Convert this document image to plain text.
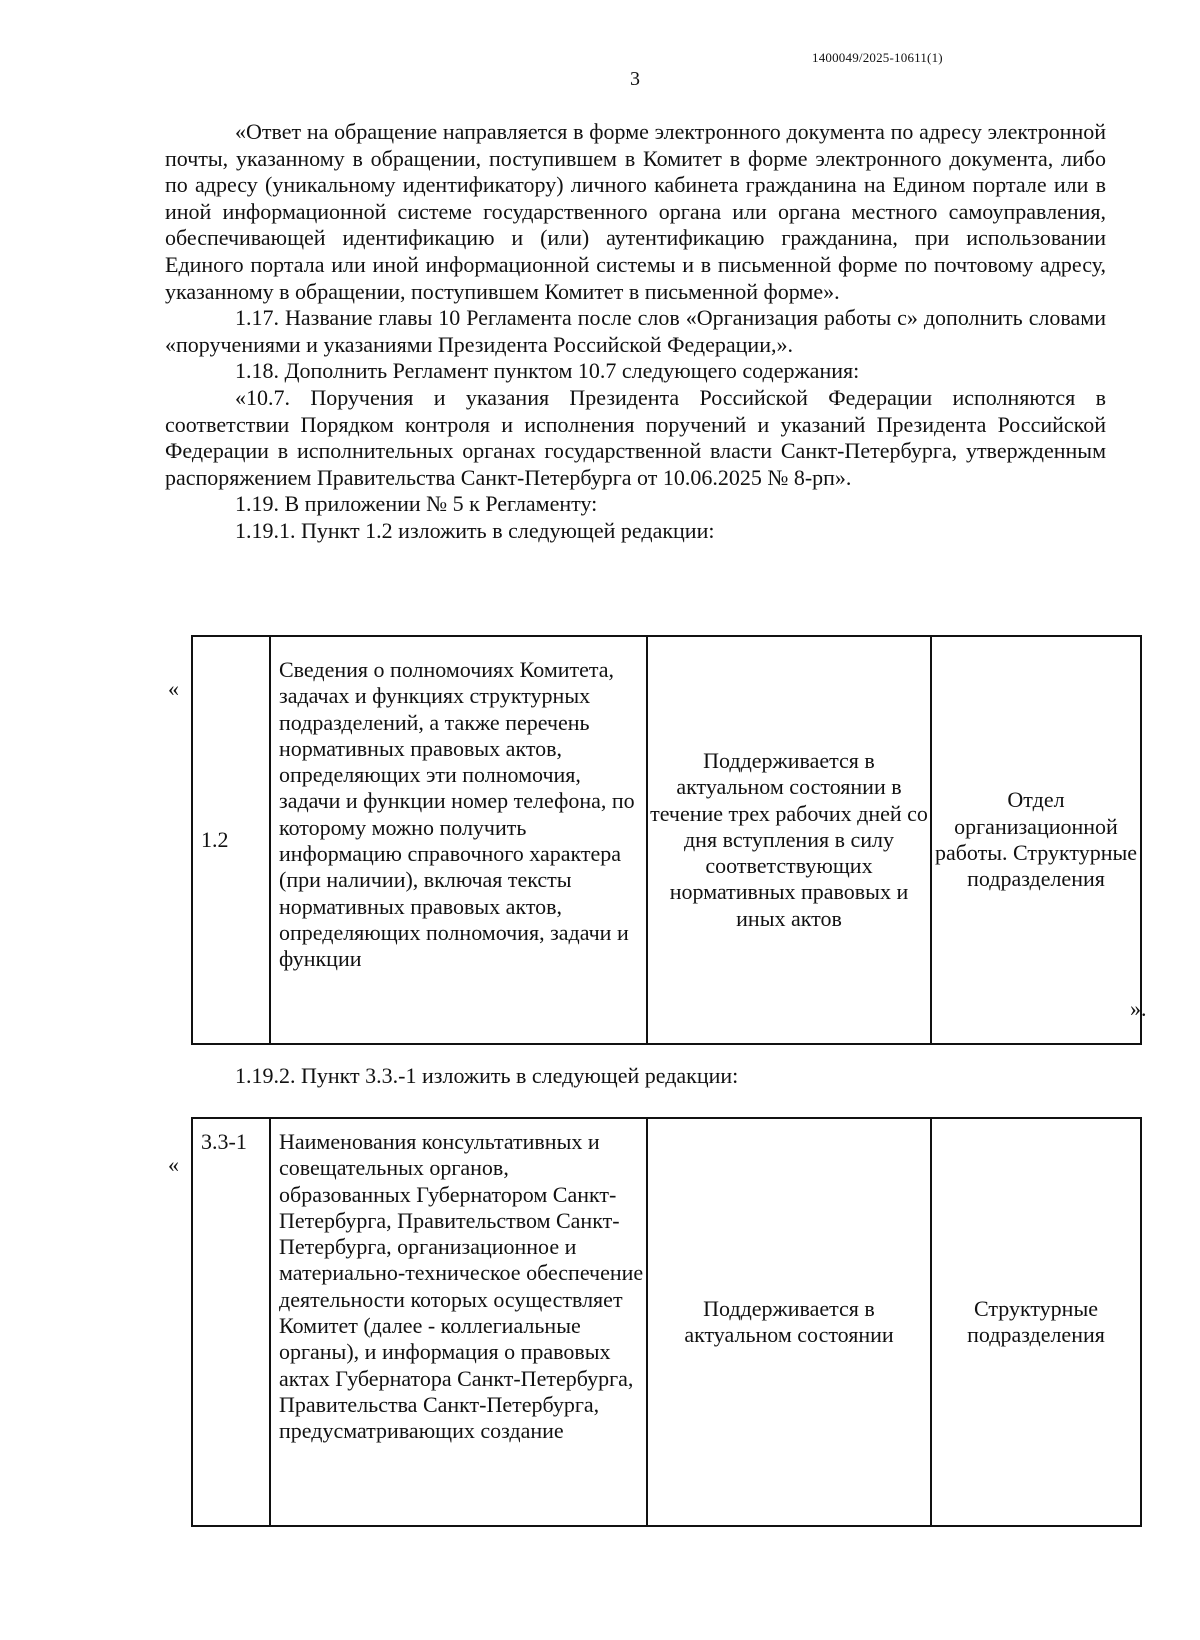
1400049/2025-10611(1)
3

«Ответ на обращение направляется в форме электронного документа по адресу электронной почты, указанному в обращении, поступившем в Комитет в форме электронного документа, либо по адресу (уникальному идентификатору) личного кабинета гражданина на Едином портале или в иной информационной системе государственного органа или органа местного самоуправления, обеспечивающей идентификацию и (или) аутентификацию гражданина, при использовании Единого портала или иной информационной системы и в письменной форме по почтовому адресу, указанному в обращении, поступившем Комитет в письменной форме».

1.17. Название главы 10 Регламента после слов «Организация работы с» дополнить словами «поручениями и указаниями Президента Российской Федерации,».

1.18. Дополнить Регламент пунктом 10.7 следующего содержания:

«10.7. Поручения и указания Президента Российской Федерации исполняются в соответствии Порядком контроля и исполнения поручений и указаний Президента Российской Федерации в исполнительных органах государственной власти Санкт-Петербурга, утвержденным распоряжением Правительства Санкт-Петербурга от 10.06.2025 № 8-рп».

1.19. В приложении № 5 к Регламенту:

1.19.1. Пункт 1.2 изложить в следующей редакции:

«
1.2	Сведения о полномочиях Комитета, задачах и функциях структурных подразделений, а также перечень нормативных правовых актов, определяющих эти полномочия, задачи и функции номер телефона, по которому можно получить информацию справочного характера (при наличии), включая тексты нормативных правовых актов, определяющих полномочия, задачи и функции	Поддерживается в актуальном состоянии в течение трех рабочих дней со дня вступления в силу соответствующих нормативных правовых и иных актов	Отдел организационной работы. Структурные подразделения
».
1.19.2. Пункт 3.3.-1 изложить в следующей редакции:
«
3.3-1	Наименования консультативных и совещательных органов, образованных Губернатором Санкт-Петербурга, Правительством Санкт-Петербурга, организационное и материально-техническое обеспечение деятельности которых осуществляет Комитет (далее - коллегиальные органы), и информация о правовых актах Губернатора Санкт-Петербурга, Правительства Санкт-Петербурга, предусматривающих создание	Поддерживается в актуальном состоянии	Структурные подразделения
